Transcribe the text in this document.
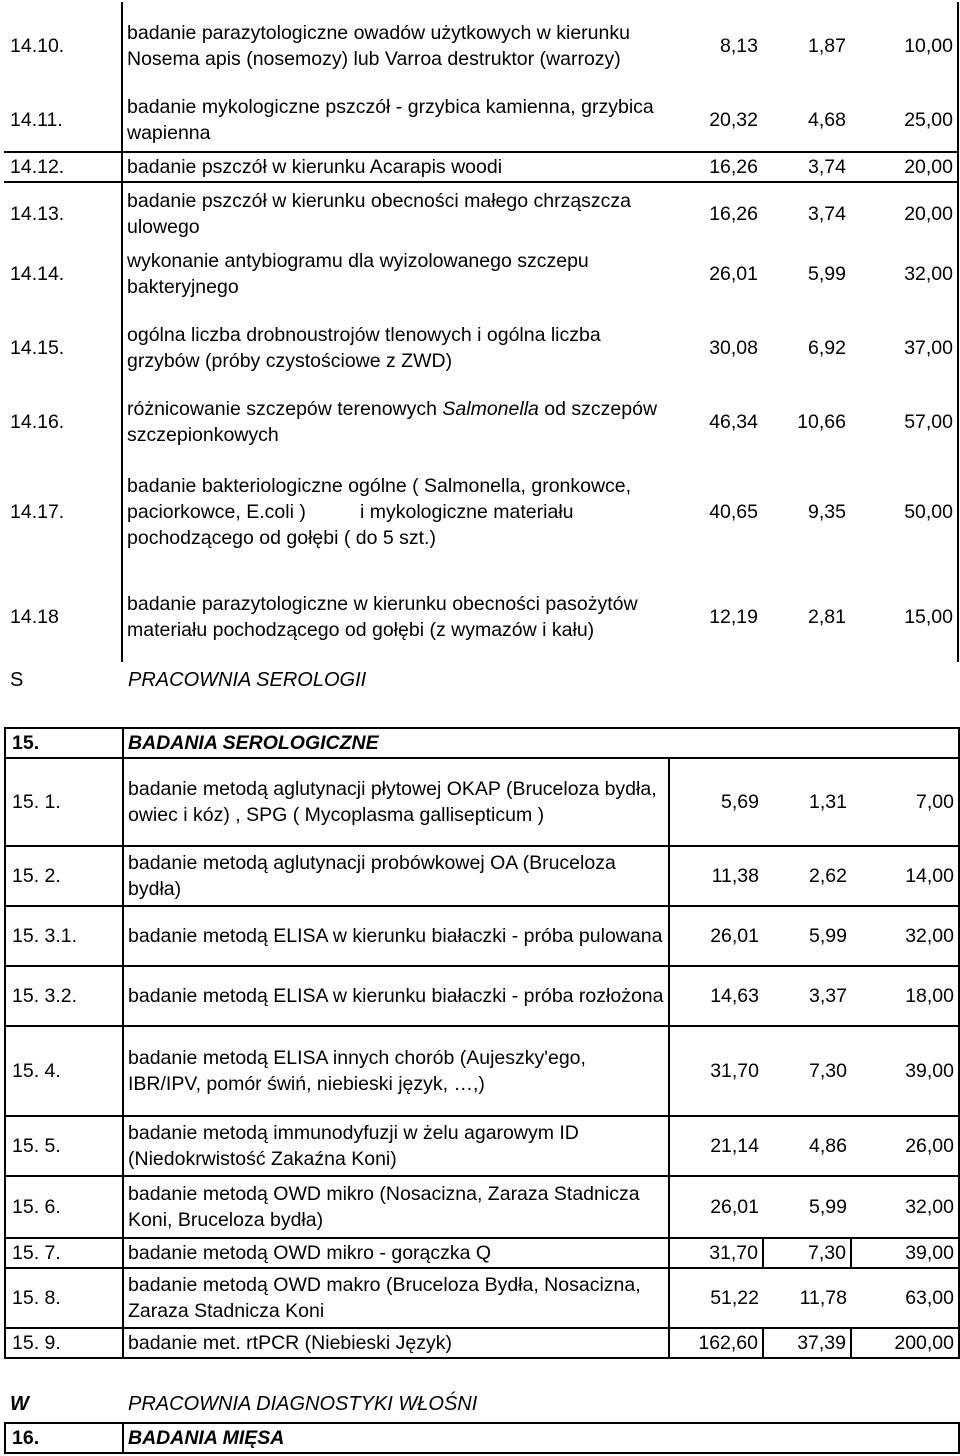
14.10.	badanie parazytologiczne owadów użytkowych w kierunku Nosema apis (nosemozy) lub Varroa destruktor (warrozy)	8,13	1,87	10,00
14.11.	badanie mykologiczne pszczół - grzybica kamienna, grzybica wapienna	20,32	4,68	25,00
14.12.	badanie pszczół w kierunku Acarapis woodi	16,26	3,74	20,00
14.13.	badanie pszczół w kierunku obecności małego chrząszcza ulowego	16,26	3,74	20,00
14.14.	wykonanie antybiogramu dla wyizolowanego szczepu bakteryjnego	26,01	5,99	32,00
14.15.	ogólna liczba drobnoustrojów tlenowych i ogólna liczba grzybów (próby czystościowe z ZWD)	30,08	6,92	37,00
14.16.	różnicowanie szczepów terenowych Salmonella od szczepów szczepionkowych	46,34	10,66	57,00
14.17.	badanie bakteriologiczne ogólne ( Salmonella, gronkowce, paciorkowce, E.coli )          i mykologiczne materiału pochodzącego od gołębi ( do 5 szt.)	40,65	9,35	50,00
14.18	badanie parazytologiczne w kierunku obecności pasożytów materiału pochodzącego od gołębi (z wymazów i kału)	12,19	2,81	15,00
S	PRACOWNIA SEROLOGII
15.	BADANIA SEROLOGICZNE			
15. 1.	badanie metodą aglutynacji płytowej OKAP (Bruceloza bydła, owiec i kóz) , SPG ( Mycoplasma gallisepticum )	5,69	1,31	7,00
15. 2.	badanie metodą aglutynacji probówkowej OA (Bruceloza bydła)	11,38	2,62	14,00
15. 3.1.	badanie metodą ELISA w kierunku białaczki - próba pulowana	26,01	5,99	32,00
15. 3.2.	badanie metodą ELISA w kierunku białaczki - próba rozłożona	14,63	3,37	18,00
15. 4.	badanie metodą ELISA innych chorób (Aujeszky'ego, IBR/IPV, pomór świń, niebieski język, …,)	31,70	7,30	39,00
15. 5.	badanie metodą immunodyfuzji w żelu agarowym ID (Niedokrwistość Zakaźna Koni)	21,14	4,86	26,00
15. 6.	badanie metodą OWD mikro (Nosacizna, Zaraza Stadnicza Koni, Bruceloza bydła)	26,01	5,99	32,00
15. 7.	badanie metodą OWD mikro - gorączka Q	31,70	7,30	39,00
15. 8.	badanie metodą OWD makro (Bruceloza Bydła, Nosacizna, Zaraza Stadnicza Koni	51,22	11,78	63,00
15. 9.	badanie met. rtPCR (Niebieski Język)	162,60	37,39	200,00
W	PRACOWNIA DIAGNOSTYKI WŁOŚNI
16.	BADANIA MIĘSA
